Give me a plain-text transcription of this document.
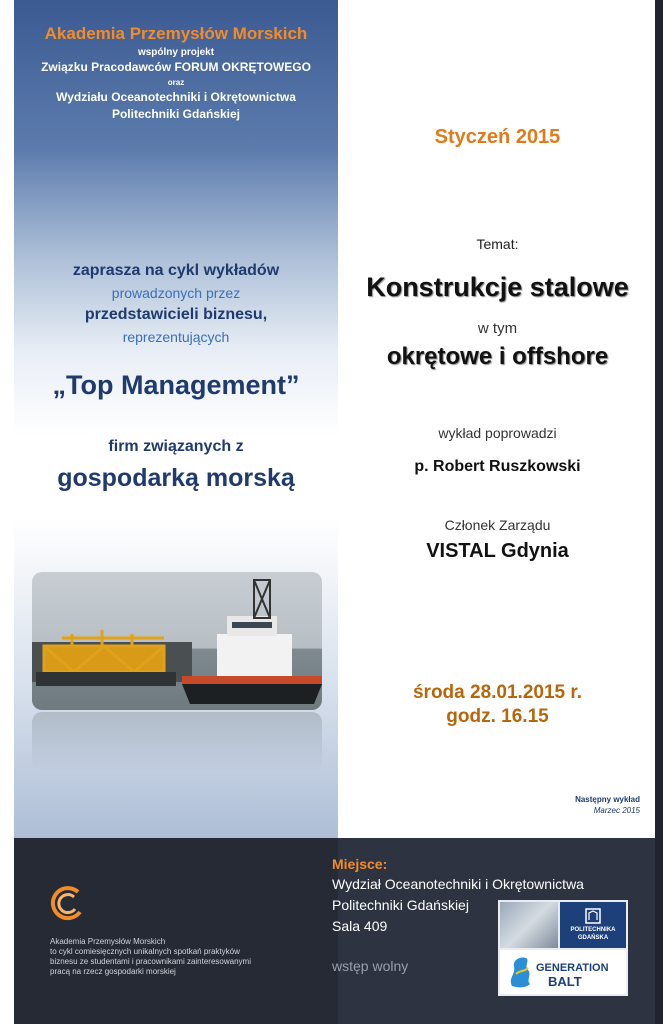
Akademia Przemysłów Morskich
wspólny projekt
Związku Pracodawców FORUM OKRĘTOWEGO
oraz
Wydziału Oceanotechniki i Okrętownictwa
Politechniki Gdańskiej
zaprasza na cykl wykładów
prowadzonych przez
przedstawicieli biznesu,
reprezentujących
„Top Management”
firm związanych z
gospodarką morską
Styczeń 2015
Temat:
Konstrukcje stalowe
w tym
okrętowe i offshore
wykład poprowadzi
p. Robert Ruszkowski
Członek Zarządu
VISTAL Gdynia
środa 28.01.2015 r.
godz. 16.15
Następny wykład
Marzec 2015
Akademia Przemysłów Morskich
to cykl comiesięcznych unikalnych spotkań praktyków
biznesu ze studentami i pracownikami zainteresowanymi
pracą na rzecz gospodarki morskiej
Miejsce:
Wydział Oceanotechniki i Okrętownictwa
Politechniki Gdańskiej
Sala 409
wstęp wolny
POLITECHNIKA
GDAŃSKA
GENERATION
BALT
